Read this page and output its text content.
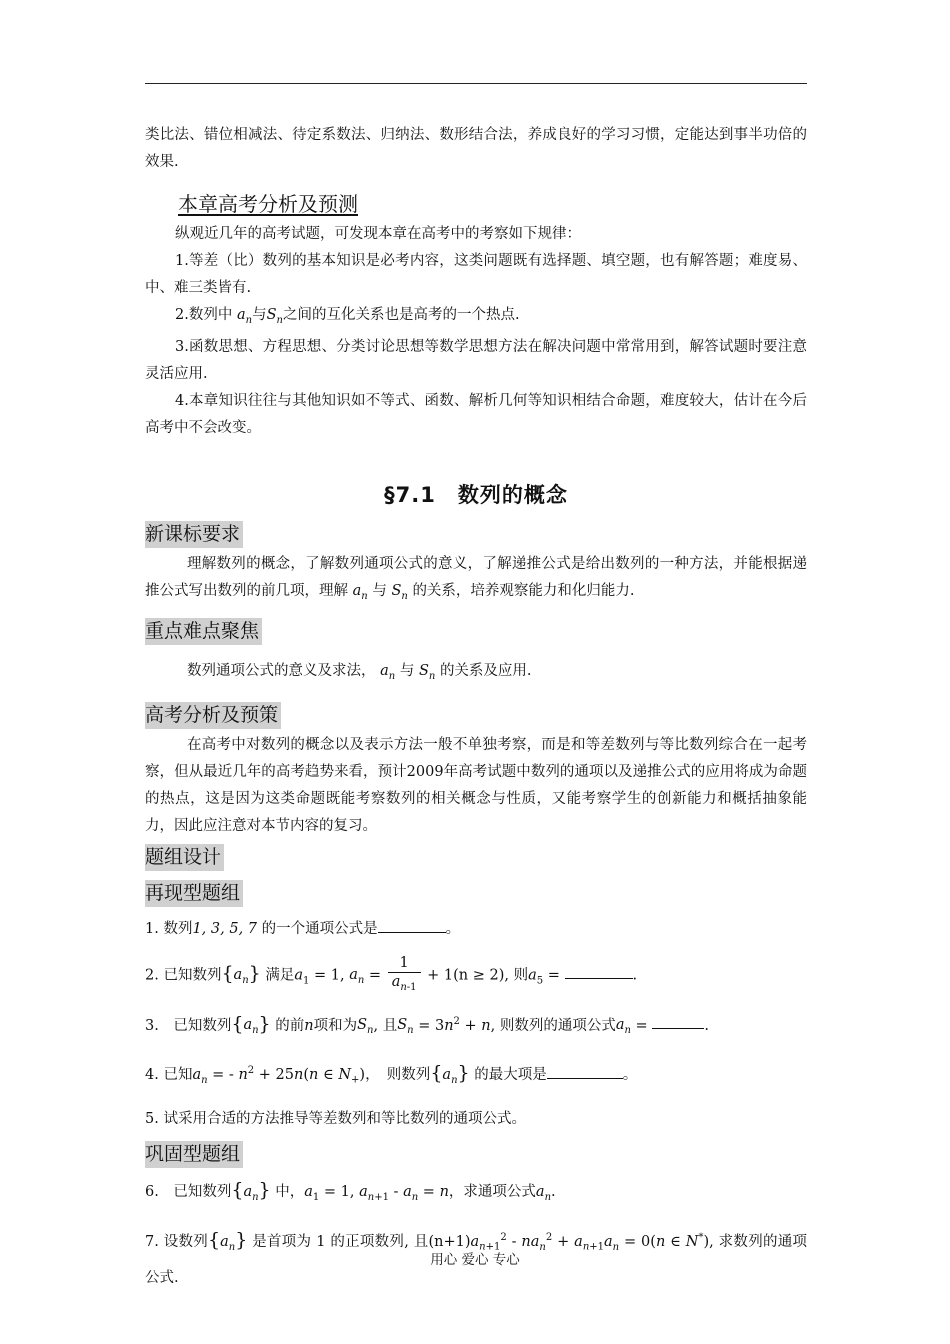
类比法、错位相减法、待定系数法、归纳法、数形结合法，养成良好的学习习惯，定能达到事半功倍的效果.

本章高考分析及预测

纵观近几年的高考试题，可发现本章在高考中的考察如下规律：

1.等差（比）数列的基本知识是必考内容，这类问题既有选择题、填空题，也有解答题；难度易、中、难三类皆有.

2.数列中 $a_n$与$S_n$之间的互化关系也是高考的一个热点.

3.函数思想、方程思想、分类讨论思想等数学思想方法在解决问题中常常用到，解答试题时要注意灵活应用.

4.本章知识往往与其他知识如不等式、函数、解析几何等知识相结合命题，难度较大，估计在今后高考中不会改变。

§7.1　数列的概念
新课标要求

理解数列的概念，了解数列通项公式的意义，了解递推公式是给出数列的一种方法，并能根据递推公式写出数列的前几项，理解 $a_n$ 与 $S_n$ 的关系，培养观察能力和化归能力.

重点难点聚焦

数列通项公式的意义及求法， $a_n$ 与 $S_n$ 的关系及应用.

高考分析及预策

在高考中对数列的概念以及表示方法一般不单独考察，而是和等差数列与等比数列综合在一起考察，但从最近几年的高考趋势来看，预计2009年高考试题中数列的通项以及递推公式的应用将成为命题的热点，这是因为这类命题既能考察数列的相关概念与性质，又能考察学生的创新能力和概括抽象能力，因此应注意对本节内容的复习。

题组设计
再现型题组

1. 数列1, 3, 5, 7 的一个通项公式是	。

2. 已知数列$\{a_n\}$ 满足$a_1 = 1$, $a_n = \frac{1}{a_{n-1}} + 1(n \ge 2)$, 则$a_5$ =	.

3.　已知数列$\{a_n\}$ 的前n项和为$S_n$, 且$S_n = 3n^2 + n$, 则数列的通项公式$a_n$ =	.

4. 已知$a_n$ = - $n^2 + 25n(n$ ∈ $N_+$)，　则数列$\{a_n\}$ 的最大项是	。

5. 试采用合适的方法推导等差数列和等比数列的通项公式。

巩固型题组

6.　已知数列$\{a_n\}$ 中，$a_1 = 1$, $a_{n+1} - a_n = n$，求通项公式$a_n$.

7. 设数列$\{a_n\}$ 是首项为 1 的正项数列, 且$(n+1)a_{n+1}^2 - na_n^2 + a_{n+1}a_n = 0(n$ ∈ N*), 求数列的通项公式.

用心 爱心 专心
